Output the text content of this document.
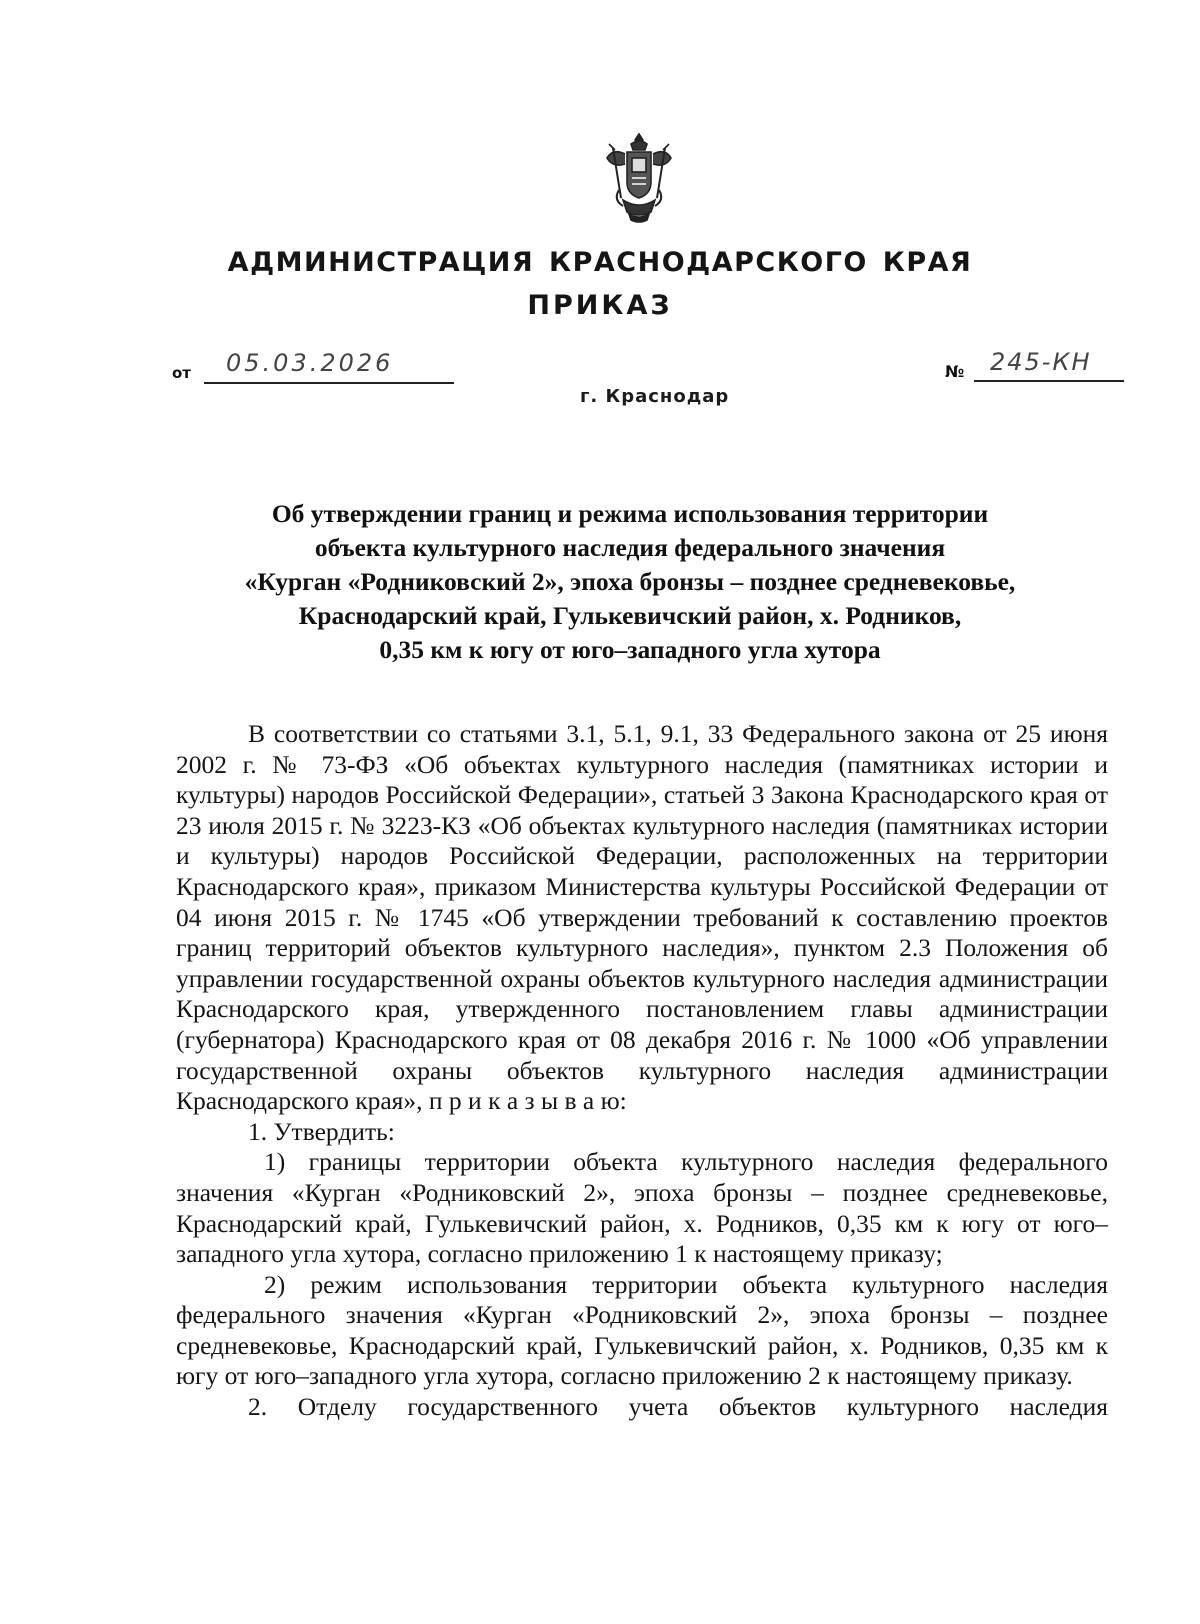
АДМИНИСТРАЦИЯ КРАСНОДАРСКОГО КРАЯ
ПРИКАЗ
от 05.03.2026	№ 245-КН
г. Краснодар
Об утверждении границ и режима использования территории
объекта культурного наследия федерального значения
«Курган «Родниковский 2», эпоха бронзы – позднее средневековье,
Краснодарский край, Гулькевичский район, х. Родников,
0,35 км к югу от юго–западного угла хутора

В соответствии со статьями 3.1, 5.1, 9.1, 33 Федерального закона от 25 июня 2002 г. № 73-ФЗ «Об объектах культурного наследия (памятниках истории и культуры) народов Российской Федерации», статьей 3 Закона Краснодарского края от 23 июля 2015 г. № 3223-КЗ «Об объектах культурного наследия (памятниках истории и культуры) народов Российской Федерации, расположенных на территории Краснодарского края», приказом Министерства культуры Российской Федерации от 04 июня 2015 г. № 1745 «Об утверждении требований к составлению проектов границ территорий объектов культурного наследия», пунктом 2.3 Положения об управлении государственной охраны объектов культурного наследия администрации Краснодарского края, утвержденного постановлением главы администрации (губернатора) Краснодарского края от 08 декабря 2016 г. № 1000 «Об управлении государственной охраны объектов культурного наследия администрации Краснодарского края», п р и к а з ы в а ю:

1. Утвердить:

1) границы территории объекта культурного наследия федерального значения «Курган «Родниковский 2», эпоха бронзы – позднее средневековье, Краснодарский край, Гулькевичский район, х. Родников, 0,35 км к югу от юго–западного угла хутора, согласно приложению 1 к настоящему приказу;

2) режим использования территории объекта культурного наследия федерального значения «Курган «Родниковский 2», эпоха бронзы – позднее средневековье, Краснодарский край, Гулькевичский район, х. Родников, 0,35 км к югу от юго–западного угла хутора, согласно приложению 2 к настоящему приказу.

2. Отделу государственного учета объектов культурного наследия
